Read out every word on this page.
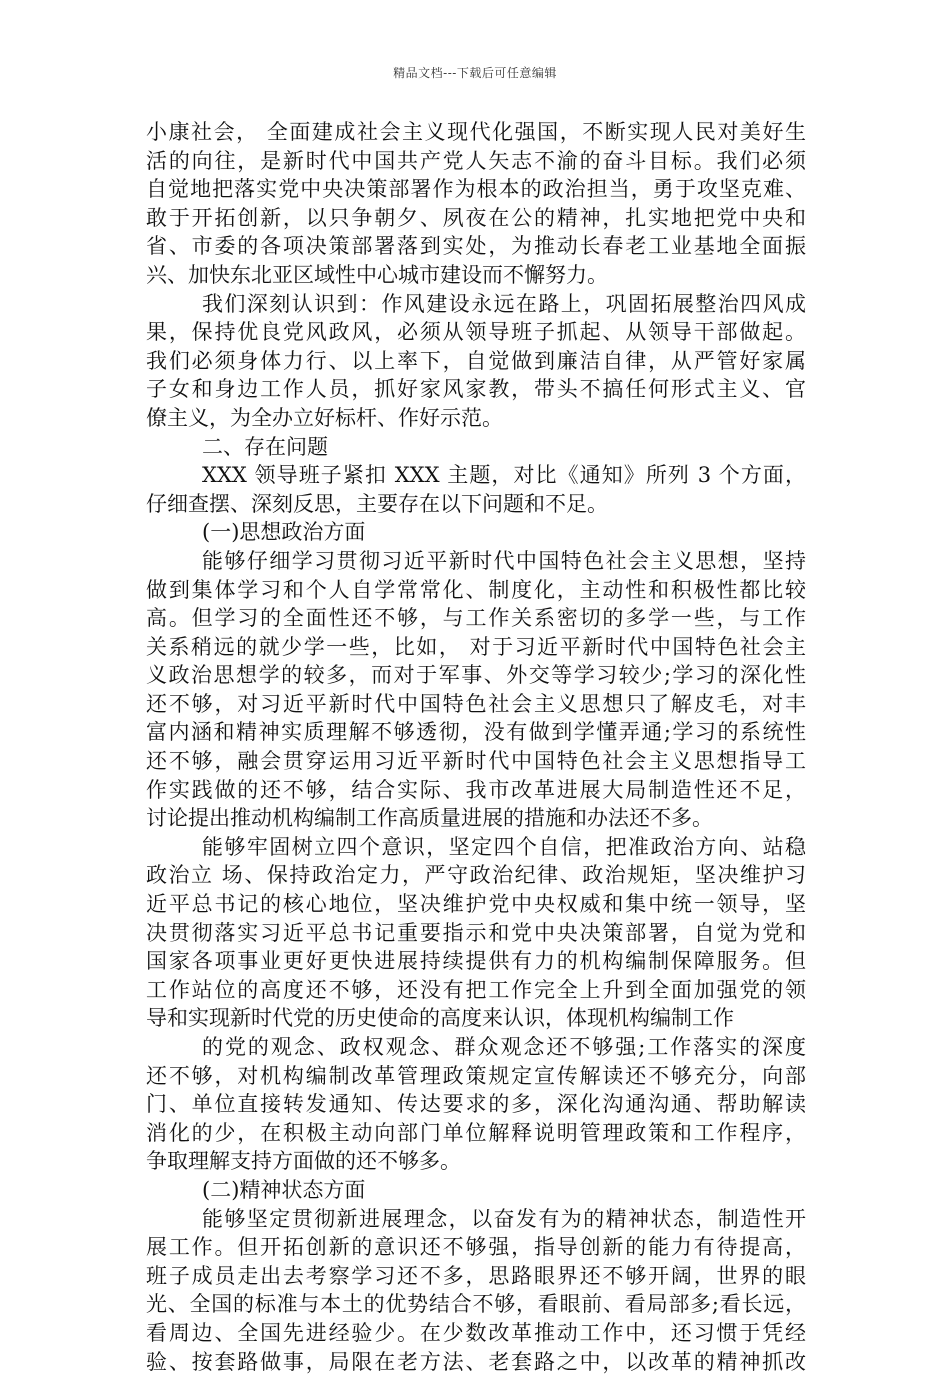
精品文档---下载后可任意编辑
小康社会， 全面建成社会主义现代化强国，不断实现人民对美好生
活的向往，是新时代中国共产党人矢志不渝的奋斗目标。我们必须
自觉地把落实党中央决策部署作为根本的政治担当，勇于攻坚克难、
敢于开拓创新，以只争朝夕、夙夜在公的精神，扎实地把党中央和
省、市委的各项决策部署落到实处，为推动长春老工业基地全面振
兴、加快东北亚区域性中心城市建设而不懈努力。
我们深刻认识到：作风建设永远在路上，巩固拓展整治四风成
果，保持优良党风政风，必须从领导班子抓起、从领导干部做起。
我们必须身体力行、以上率下，自觉做到廉洁自律，从严管好家属
子女和身边工作人员，抓好家风家教，带头不搞任何形式主义、官
僚主义，为全办立好标杆、作好示范。
二、存在问题
XXX 领导班子紧扣 XXX 主题，对比《通知》所列 3 个方面，
仔细查摆、深刻反思，主要存在以下问题和不足。
(一)思想政治方面
能够仔细学习贯彻习近平新时代中国特色社会主义思想，坚持
做到集体学习和个人自学常常化、制度化，主动性和积极性都比较
高。但学习的全面性还不够，与工作关系密切的多学一些，与工作
关系稍远的就少学一些，比如， 对于习近平新时代中国特色社会主
义政治思想学的较多，而对于军事、外交等学习较少;学习的深化性
还不够，对习近平新时代中国特色社会主义思想只了解皮毛，对丰
富内涵和精神实质理解不够透彻，没有做到学懂弄通;学习的系统性
还不够，融会贯穿运用习近平新时代中国特色社会主义思想指导工
作实践做的还不够，结合实际、我市改革进展大局制造性还不足，
讨论提出推动机构编制工作高质量进展的措施和办法还不多。
能够牢固树立四个意识，坚定四个自信，把准政治方向、站稳
政治立 场、保持政治定力，严守政治纪律、政治规矩，坚决维护习
近平总书记的核心地位，坚决维护党中央权威和集中统一领导，坚
决贯彻落实习近平总书记重要指示和党中央决策部署，自觉为党和
国家各项事业更好更快进展持续提供有力的机构编制保障服务。但
工作站位的高度还不够，还没有把工作完全上升到全面加强党的领
导和实现新时代党的历史使命的高度来认识，体现机构编制工作
的党的观念、政权观念、群众观念还不够强;工作落实的深度
还不够，对机构编制改革管理政策规定宣传解读还不够充分，向部
门、单位直接转发通知、传达要求的多，深化沟通沟通、帮助解读
消化的少，在积极主动向部门单位解释说明管理政策和工作程序，
争取理解支持方面做的还不够多。
(二)精神状态方面
能够坚定贯彻新进展理念，以奋发有为的精神状态，制造性开
展工作。但开拓创新的意识还不够强，指导创新的能力有待提高，
班子成员走出去考察学习还不多，思路眼界还不够开阔，世界的眼
光、全国的标准与本土的优势结合不够，看眼前、看局部多;看长远，
看周边、全国先进经验少。在少数改革推动工作中，还习惯于凭经
验、按套路做事，局限在老方法、老套路之中，以改革的精神抓改
